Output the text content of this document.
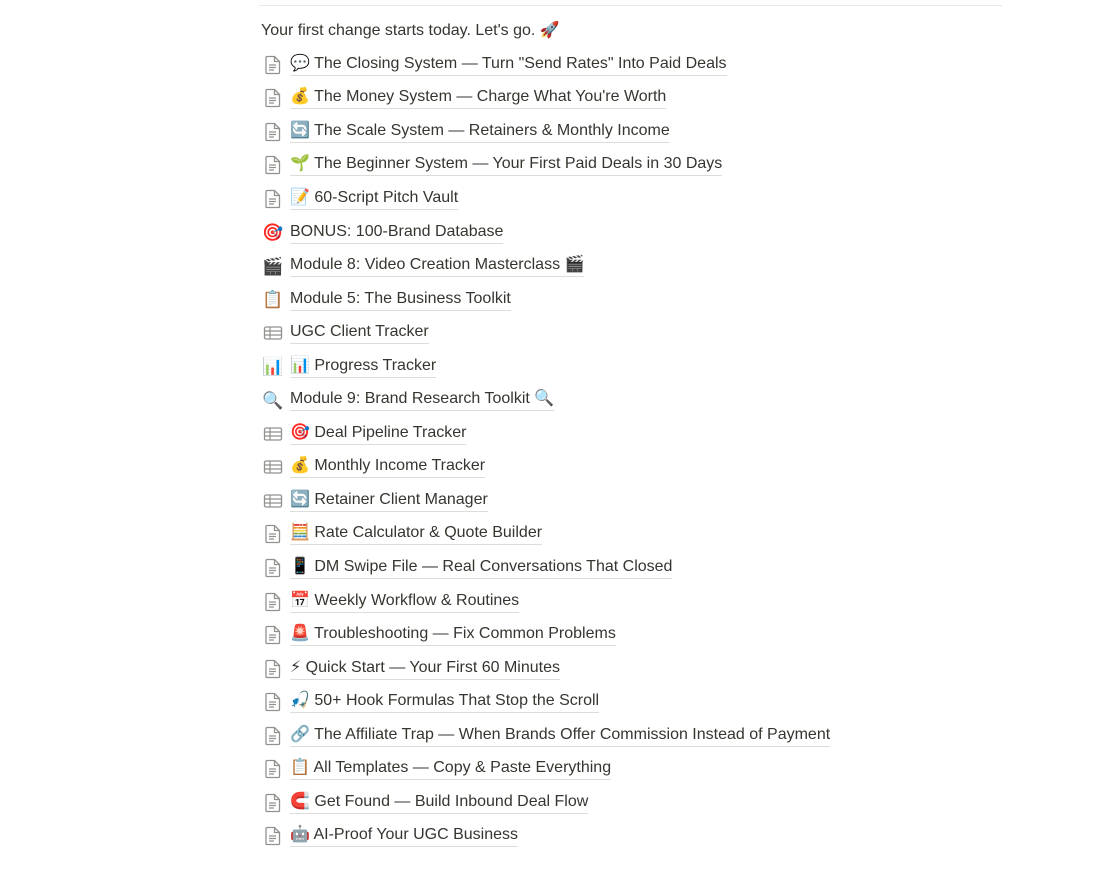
Your first change starts today. Let's go. 🚀
💬 The Closing System — Turn "Send Rates" Into Paid Deals
💰 The Money System — Charge What You're Worth
🔄 The Scale System — Retainers & Monthly Income
🌱 The Beginner System — Your First Paid Deals in 30 Days
📝 60-Script Pitch Vault
🎯 BONUS: 100-Brand Database
🎬 Module 8: Video Creation Masterclass 🎬
📋 Module 5: The Business Toolkit
UGC Client Tracker
📊 📊 Progress Tracker
🔍 Module 9: Brand Research Toolkit 🔍
🎯 Deal Pipeline Tracker
💰 Monthly Income Tracker
🔄 Retainer Client Manager
🧮 Rate Calculator & Quote Builder
📱 DM Swipe File — Real Conversations That Closed
📅 Weekly Workflow & Routines
🚨 Troubleshooting — Fix Common Problems
⚡ Quick Start — Your First 60 Minutes
🎣 50+ Hook Formulas That Stop the Scroll
🔗 The Affiliate Trap — When Brands Offer Commission Instead of Payment
📋 All Templates — Copy & Paste Everything
🧲 Get Found — Build Inbound Deal Flow
🤖 AI-Proof Your UGC Business
